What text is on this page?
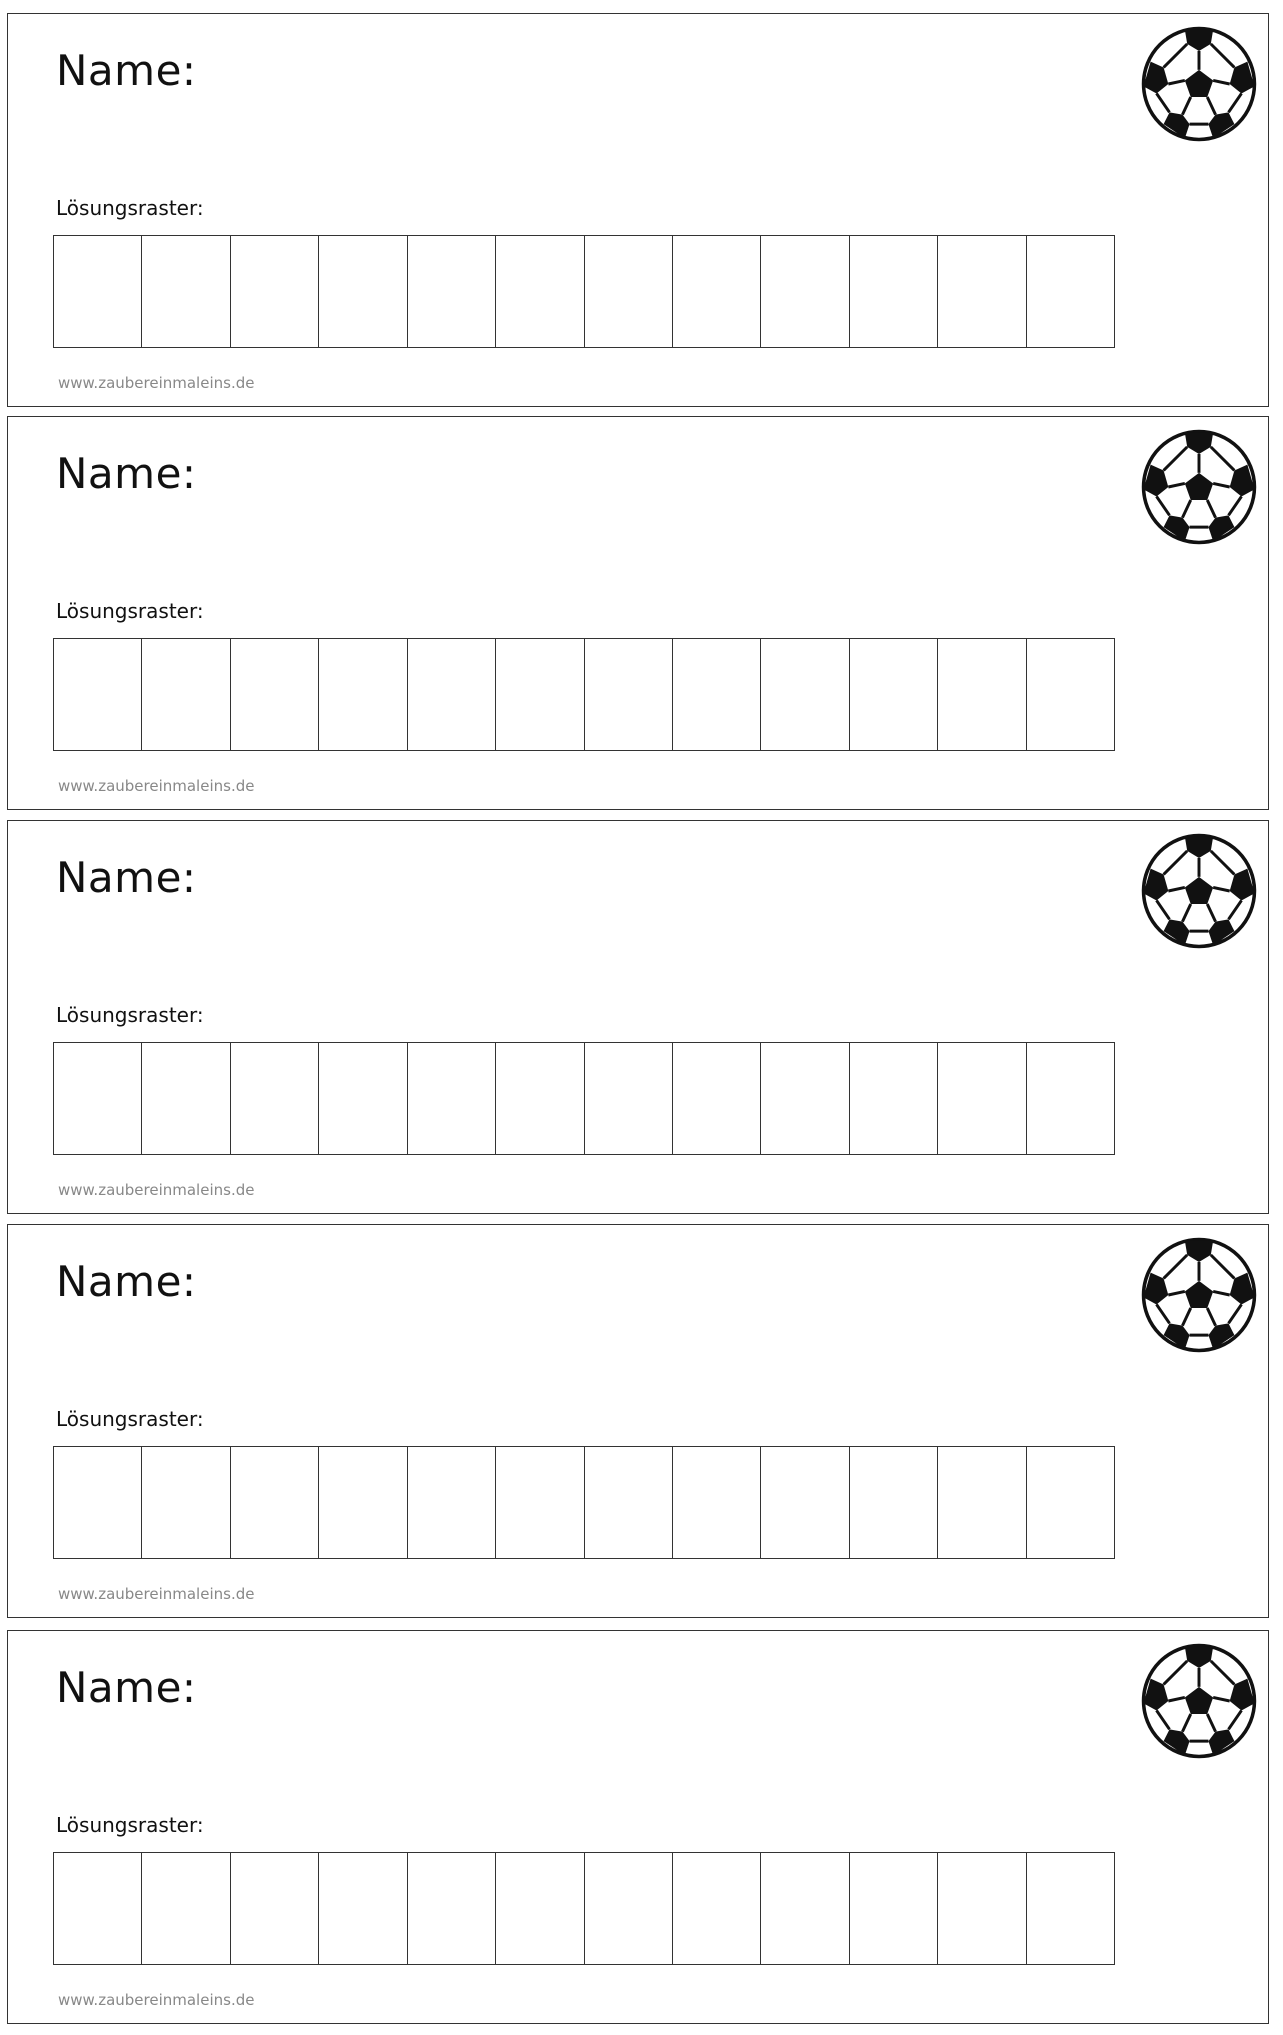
Name:
Lösungsraster:
www.zaubereinmaleins.de
Name:
Lösungsraster:
www.zaubereinmaleins.de
Name:
Lösungsraster:
www.zaubereinmaleins.de
Name:
Lösungsraster:
www.zaubereinmaleins.de
Name:
Lösungsraster:
www.zaubereinmaleins.de
